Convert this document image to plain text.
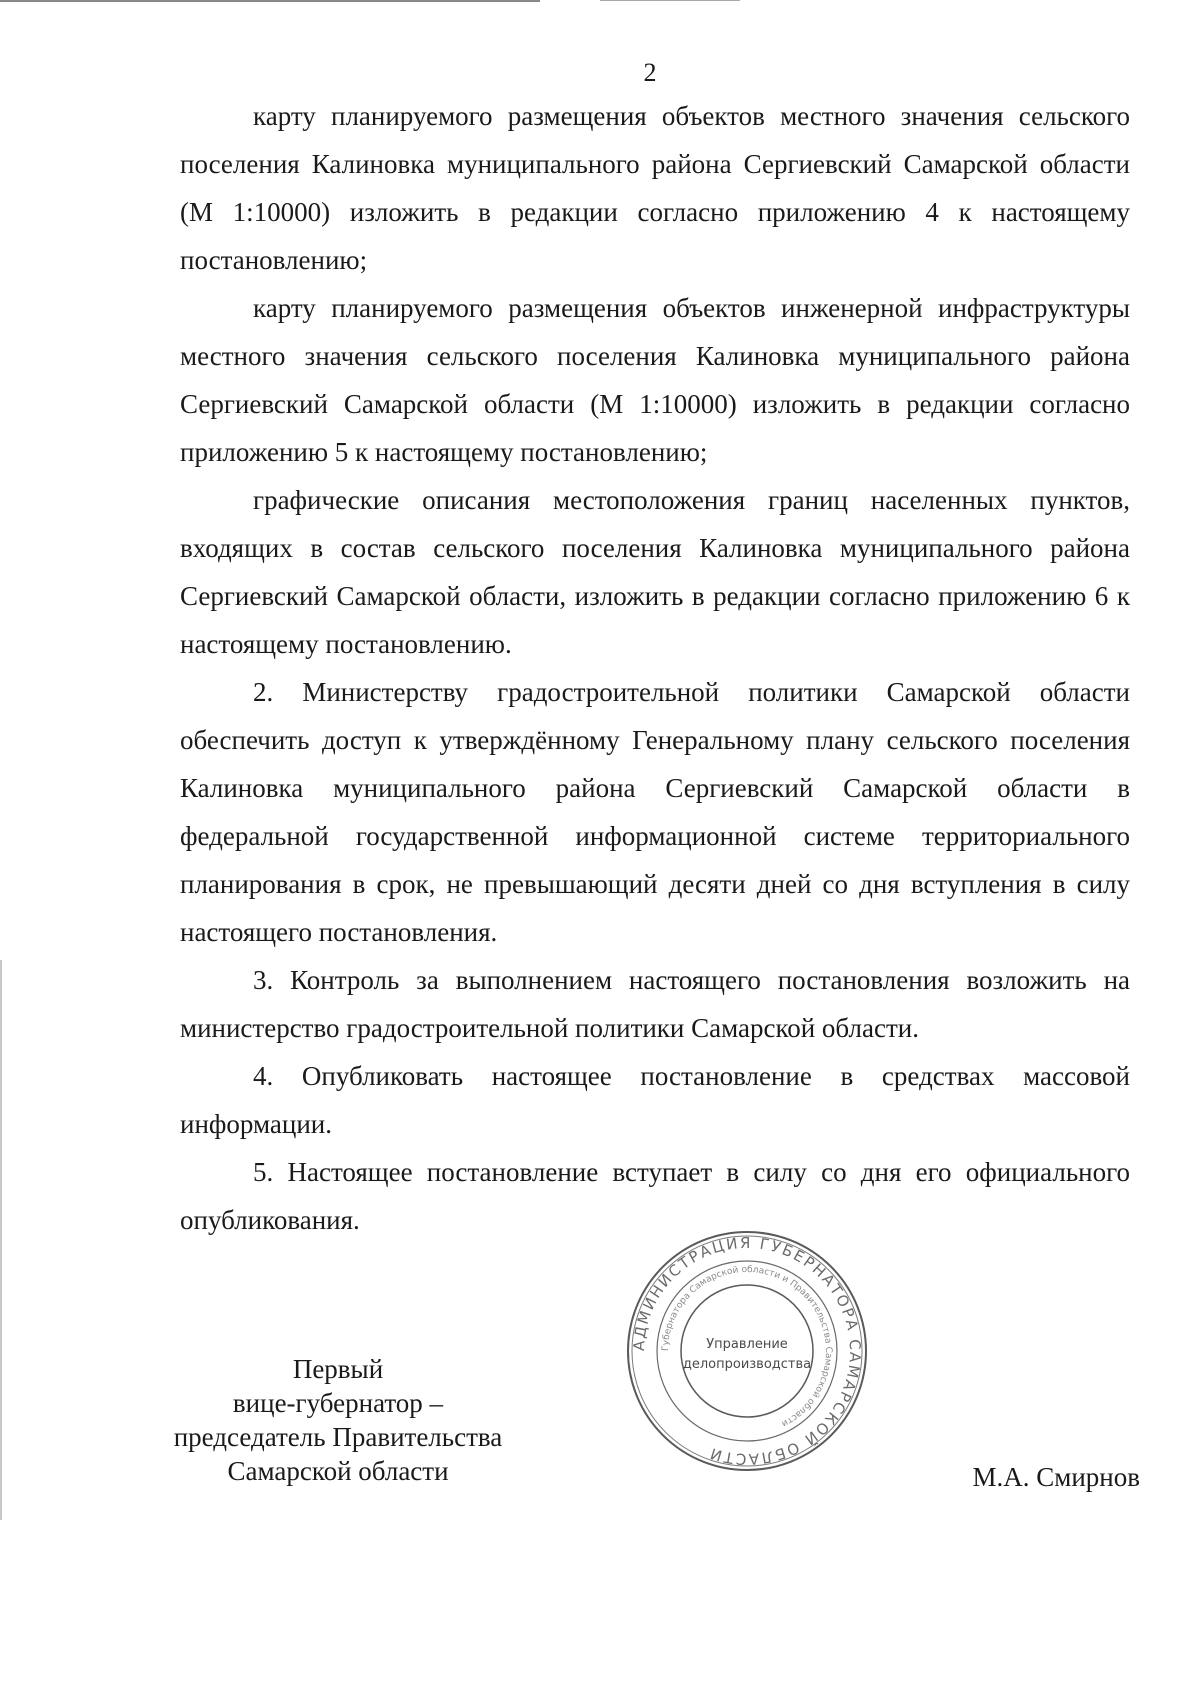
2

карту планируемого размещения объектов местного значения сельского поселения Калиновка муниципального района Сергиевский Самарской области (М 1:10000) изложить в редакции согласно приложению 4 к настоящему постановлению;

карту планируемого размещения объектов инженерной инфраструктуры местного значения сельского поселения Калиновка муниципального района Сергиевский Самарской области (М 1:10000) изложить в редакции согласно приложению 5 к настоящему постановлению;

графические описания местоположения границ населенных пунктов, входящих в состав сельского поселения Калиновка муниципального района Сергиевский Самарской области, изложить в редакции согласно приложению 6 к настоящему постановлению.

2. Министерству градостроительной политики Самарской области обеспечить доступ к утверждённому Генеральному плану сельского поселения Калиновка муниципального района Сергиевский Самарской области в федеральной государственной информационной системе территориального планирования в срок, не превышающий десяти дней со дня вступления в силу настоящего постановления.

3. Контроль за выполнением настоящего постановления возложить на министерство градостроительной политики Самарской области.

4. Опубликовать настоящее постановление в средствах массовой информации.

5. Настоящее постановление вступает в силу со дня его официального опубликования.

АДМИНИСТРАЦИЯ ГУБЕРНАТОРА САМАРСКОЙ ОБЛАСТИ
Губернатора Самарской области и Правительства Самарской области
Управление
делопроизводства
Первый
вице-губернатор –
председатель Правительства
Самарской области	М.А. Смирнов
